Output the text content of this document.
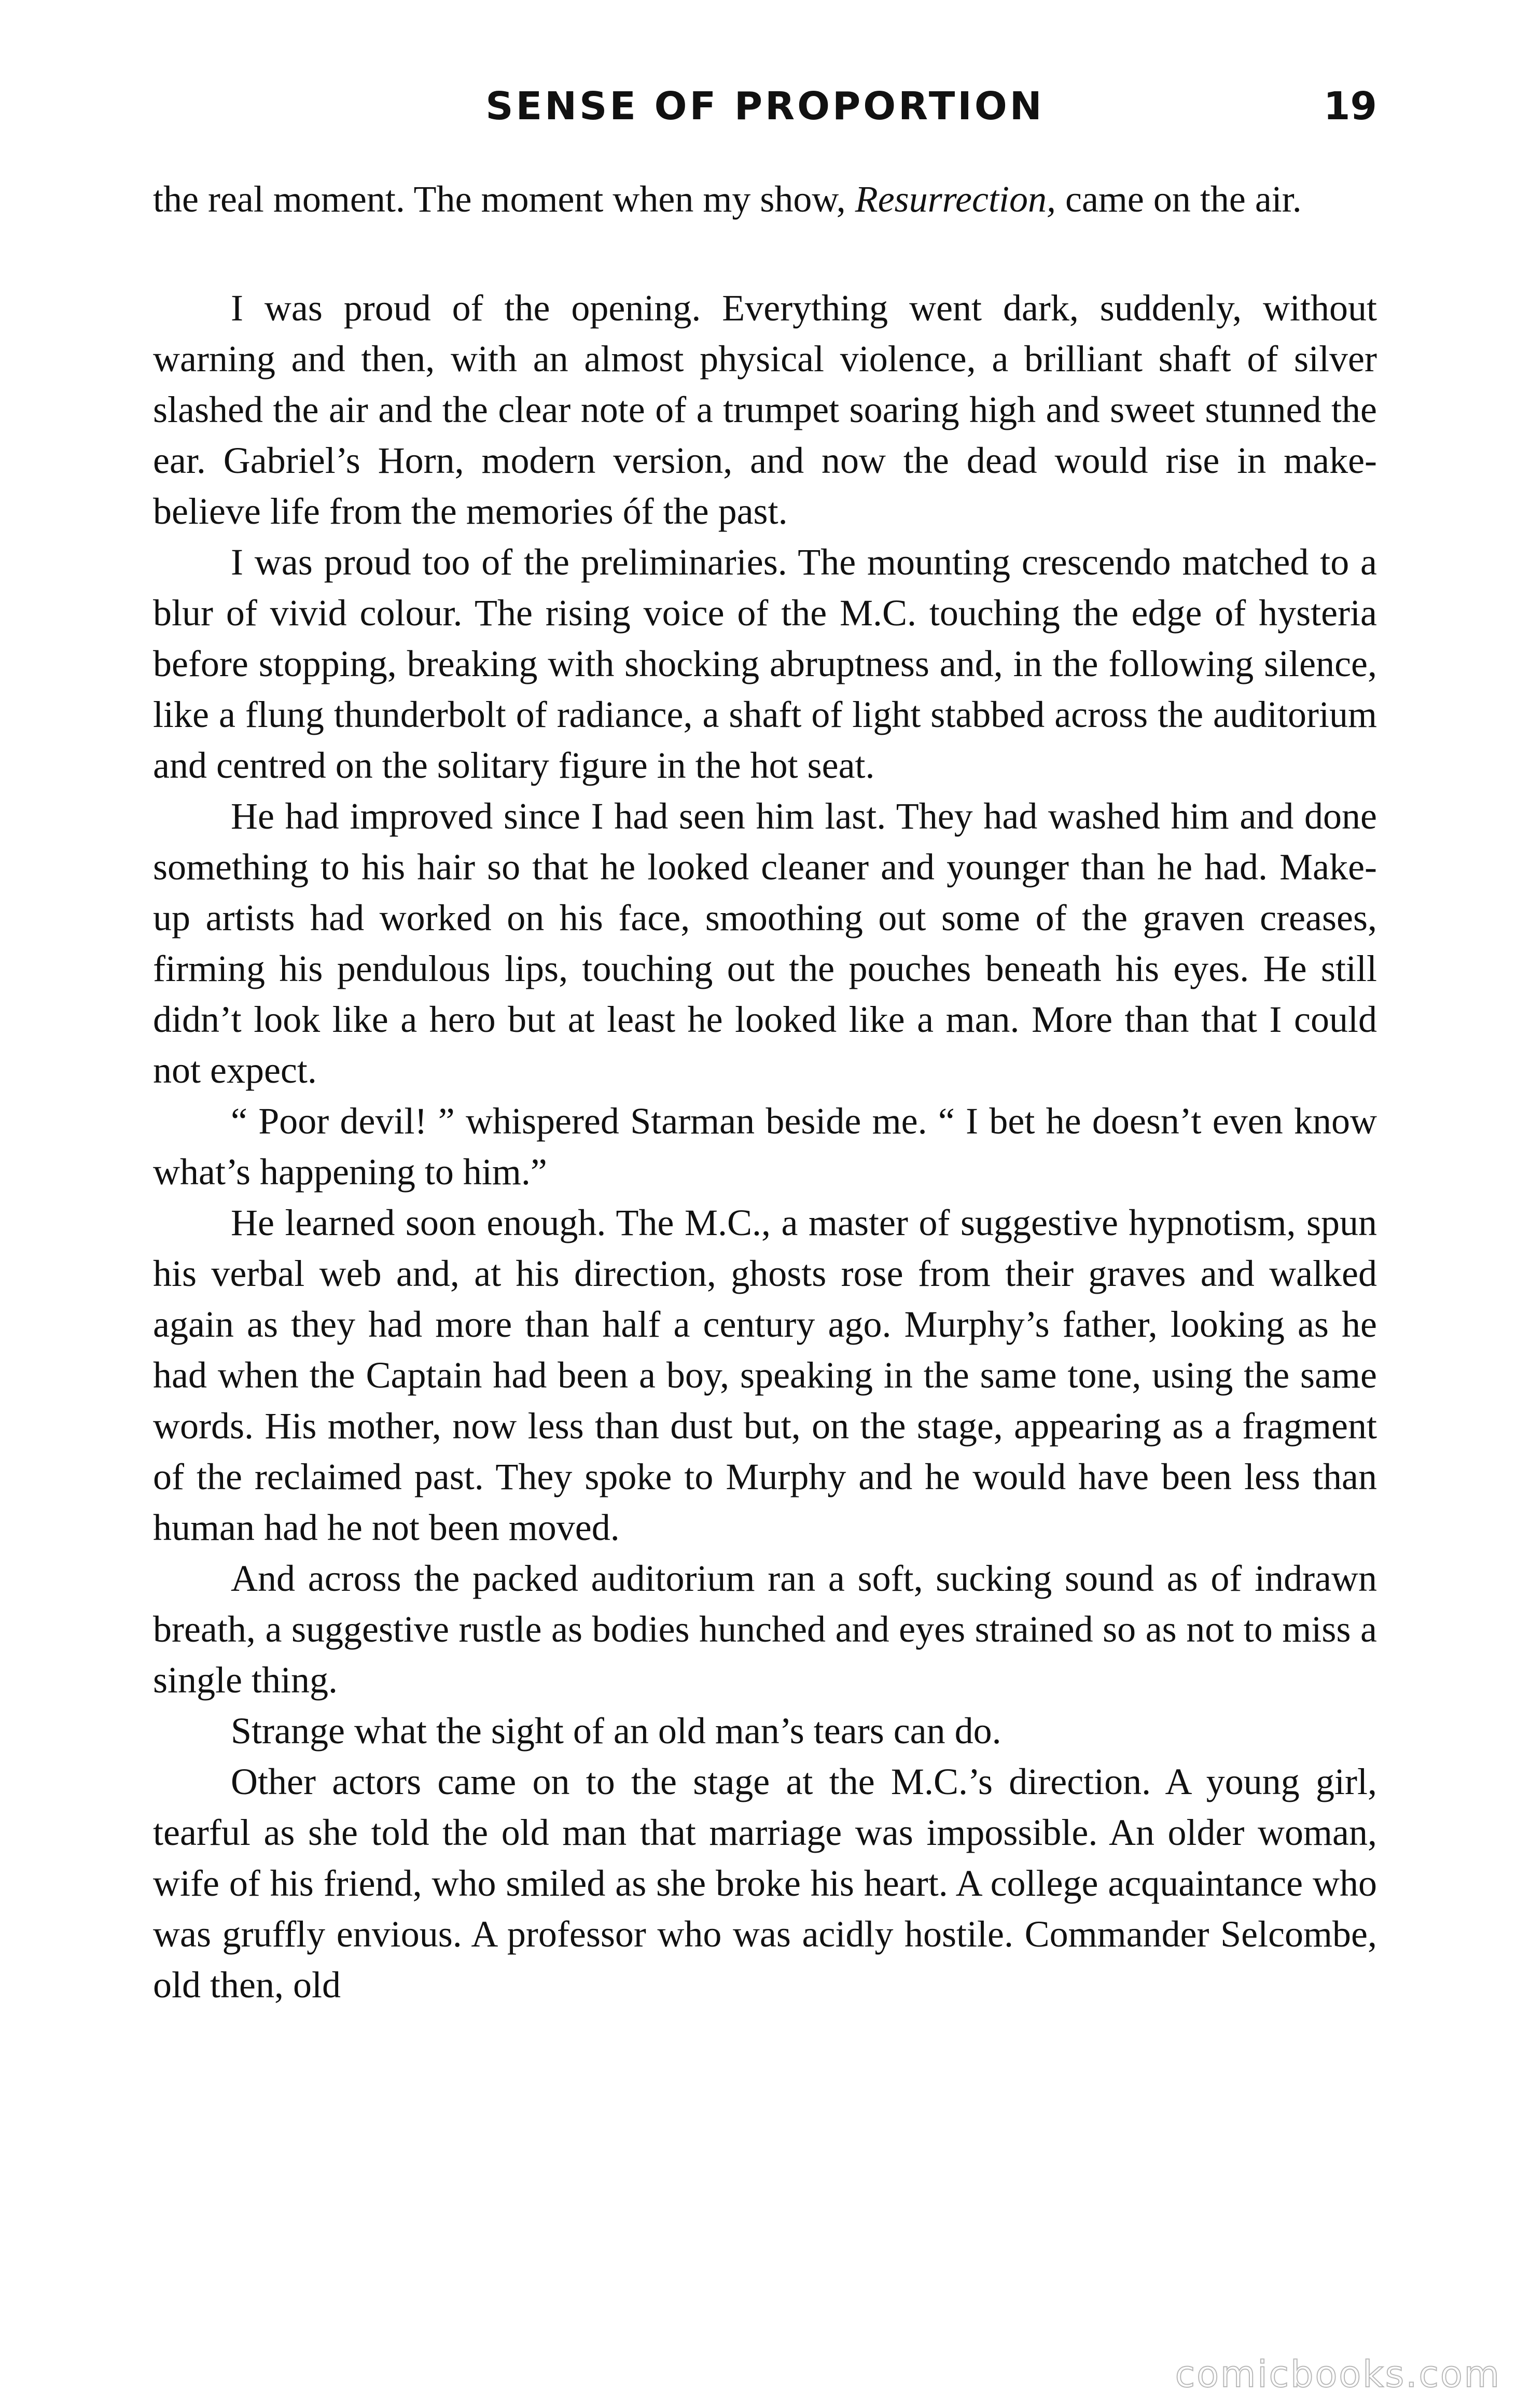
SENSE OF PROPORTION	19

the real moment. The moment when my show, Resurrection, came on the air.

I was proud of the opening. Everything went dark, suddenly, without warning and then, with an almost physical violence, a brilliant shaft of silver slashed the air and the clear note of a trumpet soaring high and sweet stunned the ear. Gabriel’s Horn, modern version, and now the dead would rise in make-believe life from the memories óf the past.

I was proud too of the preliminaries. The mounting crescendo matched to a blur of vivid colour. The rising voice of the M.C. touching the edge of hysteria before stopping, breaking with shocking abruptness and, in the following silence, like a flung thunderbolt of radiance, a shaft of light stabbed across the auditorium and centred on the solitary figure in the hot seat.

He had improved since I had seen him last. They had washed him and done something to his hair so that he looked cleaner and younger than he had. Make-up artists had worked on his face, smoothing out some of the graven creases, firming his pendulous lips, touching out the pouches beneath his eyes. He still didn’t look like a hero but at least he looked like a man. More than that I could not expect.

“ Poor devil! ” whispered Starman beside me. “ I bet he doesn’t even know what’s happening to him.”

He learned soon enough. The M.C., a master of suggestive hypnotism, spun his verbal web and, at his direction, ghosts rose from their graves and walked again as they had more than half a century ago. Murphy’s father, looking as he had when the Captain had been a boy, speaking in the same tone, using the same words. His mother, now less than dust but, on the stage, appearing as a fragment of the reclaimed past. They spoke to Murphy and he would have been less than human had he not been moved.

And across the packed auditorium ran a soft, sucking sound as of indrawn breath, a suggestive rustle as bodies hunched and eyes strained so as not to miss a single thing.

Strange what the sight of an old man’s tears can do.

Other actors came on to the stage at the M.C.’s direction. A young girl, tearful as she told the old man that marriage was impossible. An older woman, wife of his friend, who smiled as she broke his heart. A college acquaintance who was gruffly envious. A professor who was acidly hostile. Commander Selcombe, old then, old

comicbooks.com
